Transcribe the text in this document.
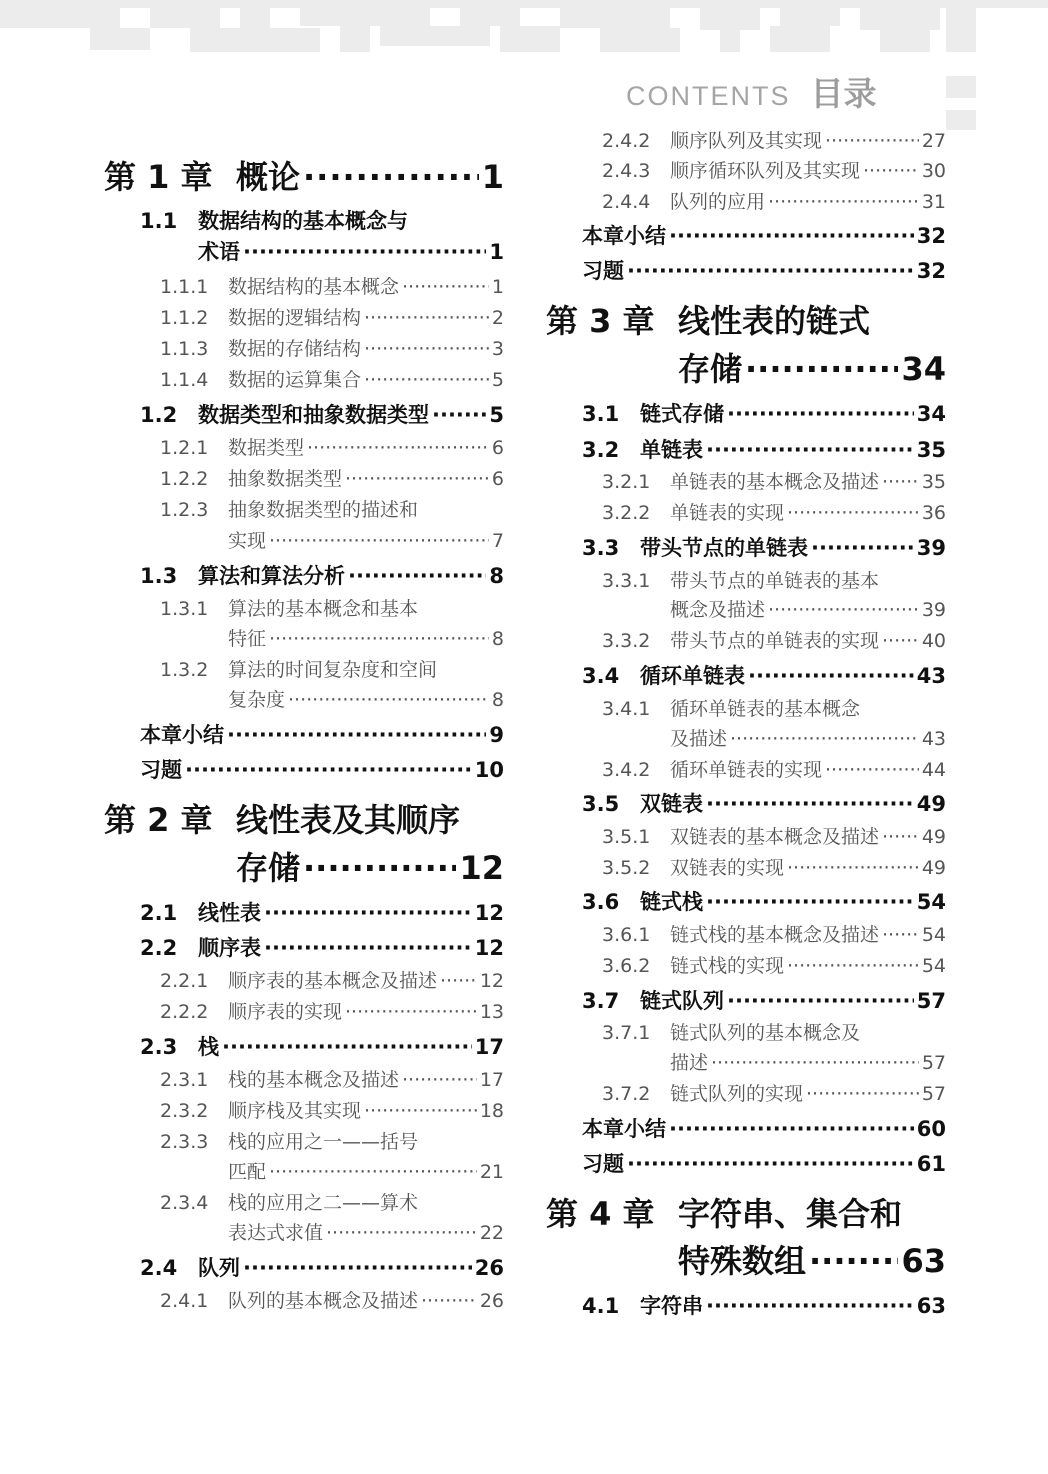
CONTENTS 目录
第 1 章 概论 ·····	1
1.1 数据结构的基本概念与
术语 ·····	1
1.1.1	数据结构的基本概念 ·····	1
1.1.2	数据的逻辑结构 ·····	2
1.1.3	数据的存储结构 ·····	3
1.1.4	数据的运算集合 ·····	5
1.2 数据类型和抽象数据类型 ·····	5
1.2.1	数据类型 ·····	6
1.2.2	抽象数据类型 ·····	6
1.2.3	抽象数据类型的描述和
实现 ·····	7
1.3 算法和算法分析 ·····	8
1.3.1	算法的基本概念和基本
特征 ·····	8
1.3.2	算法的时间复杂度和空间
复杂度 ·····	8
本章小结 ·····	9
习题 ·····	10
第 2 章 线性表及其顺序
存储 ·····	12
2.1 线性表 ·····	12
2.2 顺序表 ·····	12
2.2.1	顺序表的基本概念及描述 ····· 12
2.2.2	顺序表的实现 ·····	13
2.3 栈 ·····	17
2.3.1	栈的基本概念及描述 ·····	17
2.3.2	顺序栈及其实现 ·····	18
2.3.3	栈的应用之一——括号
匹配 ·····	21
2.3.4	栈的应用之二——算术
表达式求值 ·····	22
2.4 队列 ·····	26
2.4.1	队列的基本概念及描述 ·····	26
2.4.2	顺序队列及其实现 ·····	27
2.4.3	顺序循环队列及其实现 ·····	30
2.4.4	队列的应用 ·····	31
本章小结 ·····	32
习题 ·····	32
第 3 章 线性表的链式
存储 ·····	34
3.1 链式存储 ·····	34
3.2 单链表 ·····	35
3.2.1	单链表的基本概念及描述 ····· 35
3.2.2	单链表的实现 ·····	36
3.3 带头节点的单链表 ·····	39
3.3.1	带头节点的单链表的基本
概念及描述 ·····	39
3.3.2	带头节点的单链表的实现 ····· 40
3.4 循环单链表 ·····	43
3.4.1	循环单链表的基本概念
及描述 ·····	43
3.4.2	循环单链表的实现 ·····	44
3.5 双链表 ·····	49
3.5.1	双链表的基本概念及描述 ····· 49
3.5.2	双链表的实现 ·····	49
3.6 链式栈 ·····	54
3.6.1	链式栈的基本概念及描述 ····· 54
3.6.2	链式栈的实现 ·····	54
3.7 链式队列 ·····	57
3.7.1	链式队列的基本概念及
描述 ·····	57
3.7.2	链式队列的实现 ·····	57
本章小结 ·····	60
习题 ·····	61
第 4 章 字符串、集合和
特殊数组 ·····	63
4.1 字符串 ·····	63
